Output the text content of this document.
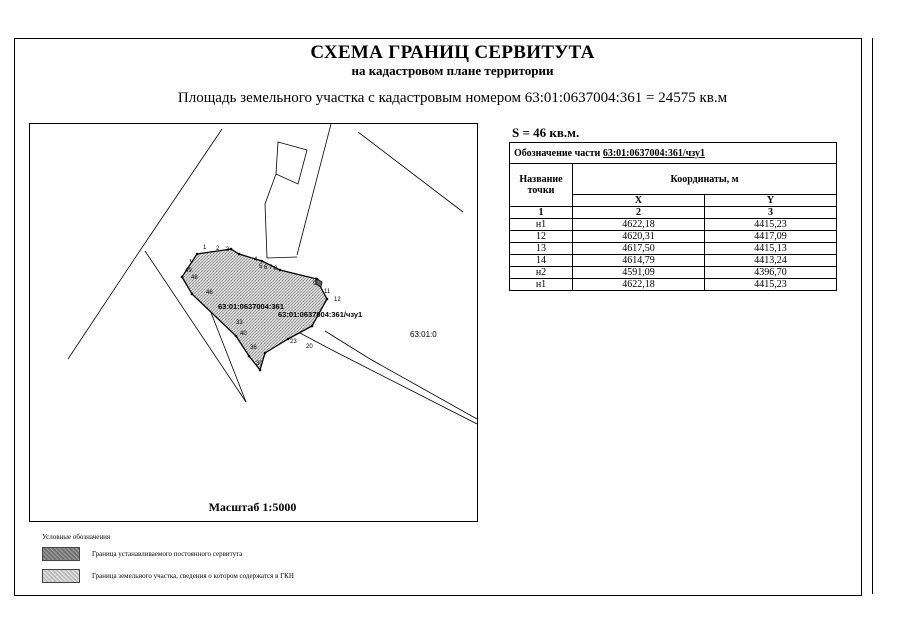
СХЕМА ГРАНИЦ СЕРВИТУТА
на кадастровом плане территории
Площадь земельного участка с кадастровым номером 63:01:0637004:361 = 24575 кв.м
1 2 3
4
5 6 7 8
9
11
12
23
30
33
36
40
46
48
49
20
63:01:0637004:361
63:01:0637004:361/чзу1
63:01:0
Масштаб 1:5000
S = 46 кв.м.
Обозначение части 63:01:0637004:361/чзу1		
Название точки	Координаты, м	
	X	Y
1	2	3
н1	4622,18	4415,23
12	4620,31	4417,09
13	4617,50	4415,13
14	4614,79	4413,24
н2	4591,09	4396,70
н1	4622,18	4415,23
Условные обозначения
Граница устанавливаемого постоянного сервитута
Граница земельного участка, сведения о котором содержатся в ГКН
